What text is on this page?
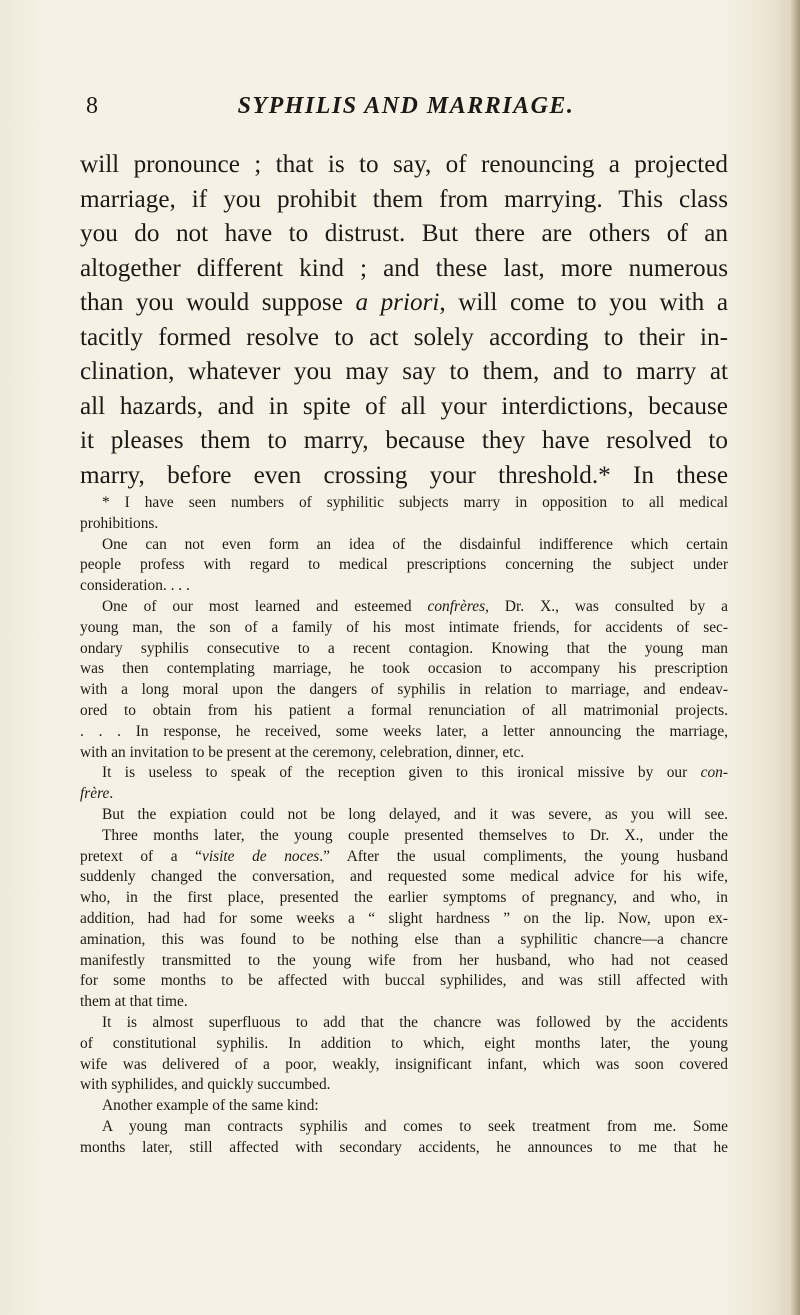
8	SYPHILIS AND MARRIAGE.
will pronounce ; that is to say, of renouncing a projected
marriage, if you prohibit them from marrying. This class
you do not have to distrust. But there are others of an
altogether different kind ; and these last, more numerous
than you would suppose a priori, will come to you with a
tacitly formed resolve to act solely according to their in-
clination, whatever you may say to them, and to marry at
all hazards, and in spite of all your interdictions, because
it pleases them to marry, because they have resolved to
marry, before even crossing your threshold.* In these
* I have seen numbers of syphilitic subjects marry in opposition to all medical
prohibitions.
One can not even form an idea of the disdainful indifference which certain
people profess with regard to medical prescriptions concerning the subject under
consideration. . . .
One of our most learned and esteemed confrères, Dr. X., was consulted by a
young man, the son of a family of his most intimate friends, for accidents of sec-
ondary syphilis consecutive to a recent contagion. Knowing that the young man
was then contemplating marriage, he took occasion to accompany his prescription
with a long moral upon the dangers of syphilis in relation to marriage, and endeav-
ored to obtain from his patient a formal renunciation of all matrimonial projects.
. . . In response, he received, some weeks later, a letter announcing the marriage,
with an invitation to be present at the ceremony, celebration, dinner, etc.
It is useless to speak of the reception given to this ironical missive by our con-
frère.
But the expiation could not be long delayed, and it was severe, as you will see.
Three months later, the young couple presented themselves to Dr. X., under the
pretext of a “visite de noces.” After the usual compliments, the young husband
suddenly changed the conversation, and requested some medical advice for his wife,
who, in the first place, presented the earlier symptoms of pregnancy, and who, in
addition, had had for some weeks a “ slight hardness ” on the lip. Now, upon ex-
amination, this was found to be nothing else than a syphilitic chancre—a chancre
manifestly transmitted to the young wife from her husband, who had not ceased
for some months to be affected with buccal syphilides, and was still affected with
them at that time.
It is almost superfluous to add that the chancre was followed by the accidents
of constitutional syphilis. In addition to which, eight months later, the young
wife was delivered of a poor, weakly, insignificant infant, which was soon covered
with syphilides, and quickly succumbed.
Another example of the same kind:
A young man contracts syphilis and comes to seek treatment from me. Some
months later, still affected with secondary accidents, he announces to me that he
